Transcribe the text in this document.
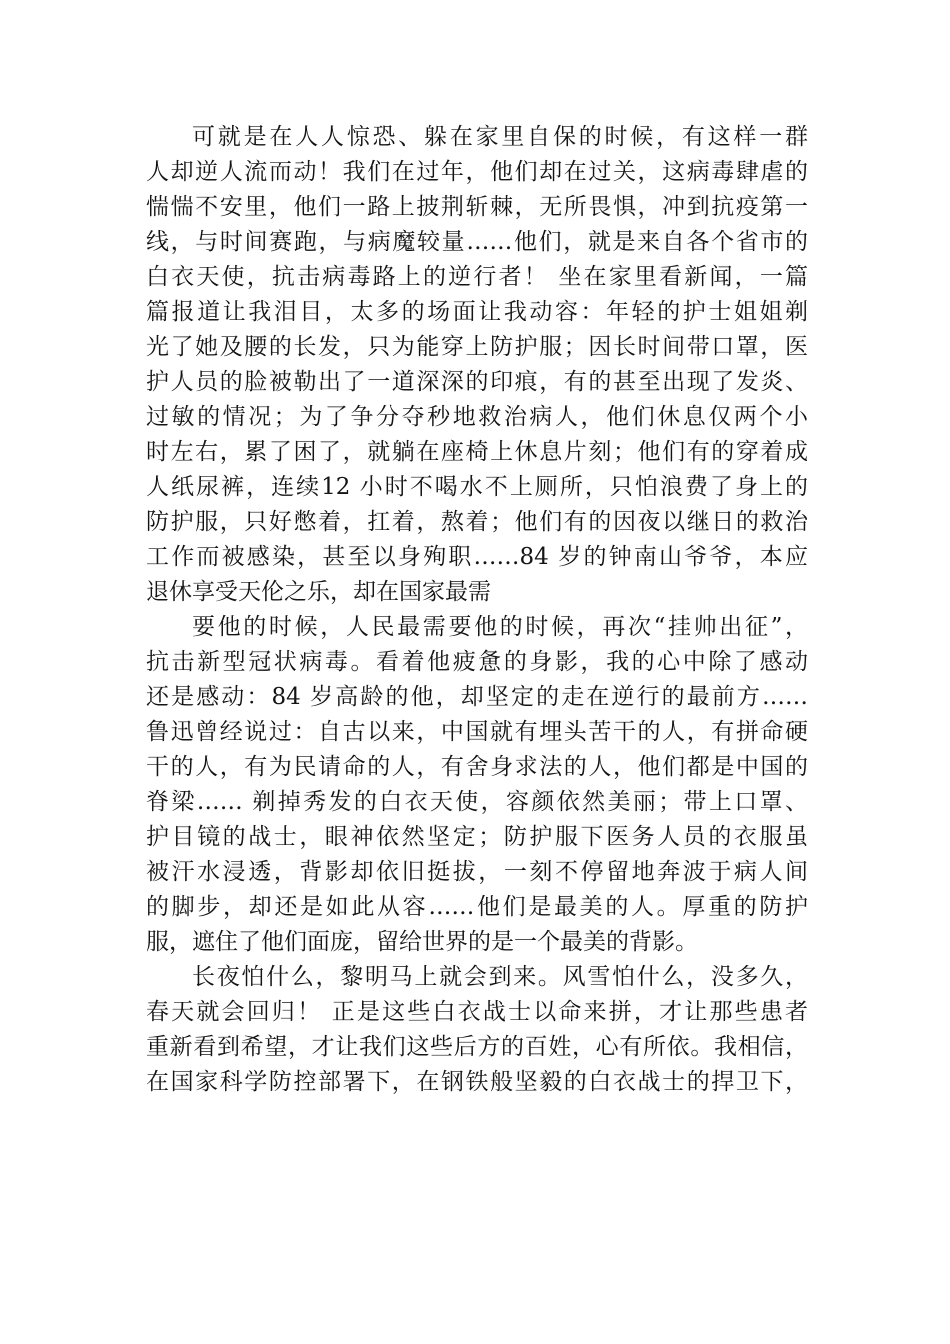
可就是在人人惊恐、躲在家里自保的时候，有这样一群
人却逆人流而动！我们在过年，他们却在过关，这病毒肆虐的
惴惴不安里，他们一路上披荆斩棘，无所畏惧，冲到抗疫第一
线，与时间赛跑，与病魔较量……他们，就是来自各个省市的
白衣天使，抗击病毒路上的逆行者！ 坐在家里看新闻，一篇
篇报道让我泪目，太多的场面让我动容：年轻的护士姐姐剃
光了她及腰的长发，只为能穿上防护服；因长时间带口罩，医
护人员的脸被勒出了一道深深的印痕，有的甚至出现了发炎、
过敏的情况；为了争分夺秒地救治病人，他们休息仅两个小
时左右，累了困了，就躺在座椅上休息片刻；他们有的穿着成
人纸尿裤，连续12 小时不喝水不上厕所，只怕浪费了身上的
防护服，只好憋着，扛着，熬着；他们有的因夜以继日的救治
工作而被感染，甚至以身殉职……84 岁的钟南山爷爷，本应
退休享受天伦之乐，却在国家最需
要他的时候，人民最需要他的时候，再次“挂帅出征”，
抗击新型冠状病毒。看着他疲惫的身影，我的心中除了感动
还是感动：84 岁高龄的他，却坚定的走在逆行的最前方……
鲁迅曾经说过：自古以来，中国就有埋头苦干的人，有拼命硬
干的人，有为民请命的人，有舍身求法的人，他们都是中国的
脊梁…… 剃掉秀发的白衣天使，容颜依然美丽；带上口罩、
护目镜的战士，眼神依然坚定；防护服下医务人员的衣服虽
被汗水浸透，背影却依旧挺拔，一刻不停留地奔波于病人间
的脚步，却还是如此从容……他们是最美的人。厚重的防护
服，遮住了他们面庞，留给世界的是一个最美的背影。
长夜怕什么，黎明马上就会到来。风雪怕什么，没多久，
春天就会回归！ 正是这些白衣战士以命来拼，才让那些患者
重新看到希望，才让我们这些后方的百姓，心有所依。我相信，
在国家科学防控部署下，在钢铁般坚毅的白衣战士的捍卫下，
